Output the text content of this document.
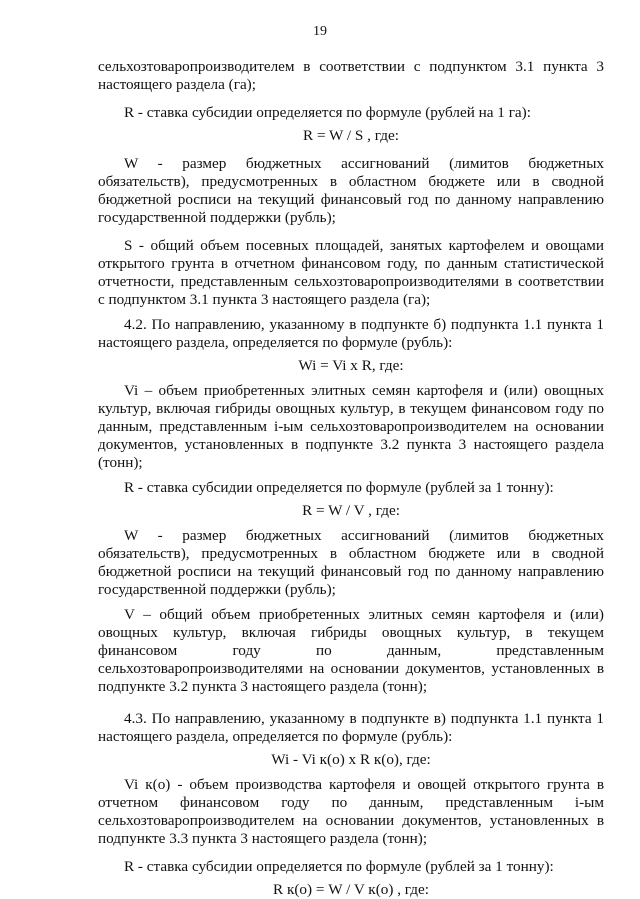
19

сельхозтоваропроизводителем в соответствии с подпунктом 3.1 пункта 3 настоящего раздела (га);

R - ставка субсидии определяется по формуле (рублей на 1 га):

R = W / S , где:

W - размер бюджетных ассигнований (лимитов бюджетных обязательств), предусмотренных в областном бюджете или в сводной бюджетной росписи на текущий финансовый год по данному направлению государственной поддержки (рубль);

S - общий объем посевных площадей, занятых картофелем и овощами открытого грунта в отчетном финансовом году, по данным статистической отчетности, представленным сельхозтоваропроизводителями в соответствии с подпунктом 3.1 пункта 3 настоящего раздела (га);

4.2. По направлению, указанному в подпункте б) подпункта 1.1 пункта 1 настоящего раздела, определяется по формуле (рубль):

Wi = Vi x R, где:

Vi – объем приобретенных элитных семян картофеля и (или) овощных культур, включая гибриды овощных культур, в текущем финансовом году по данным, представленным i-ым сельхозтоваропроизводителем на основании документов, установленных в подпункте 3.2 пункта 3 настоящего раздела (тонн);

R - ставка субсидии определяется по формуле (рублей за 1 тонну):

R = W / V , где:

W - размер бюджетных ассигнований (лимитов бюджетных обязательств), предусмотренных в областном бюджете или в сводной бюджетной росписи на текущий финансовый год по данному направлению государственной поддержки (рубль);

V – общий объем приобретенных элитных семян картофеля и (или) овощных культур, включая гибриды овощных культур, в текущем финансовом году по данным, представленным сельхозтоваропроизводителями на основании документов, установленных в подпункте 3.2 пункта 3 настоящего раздела (тонн);

4.3. По направлению, указанному в подпункте в) подпункта 1.1 пункта 1 настоящего раздела, определяется по формуле (рубль):

Wi - Vi к(о) x R к(о), где:

Vi к(о) - объем производства картофеля и овощей открытого грунта в отчетном финансовом году по данным, представленным i-ым сельхозтоваропроизводителем на основании документов, установленных в подпункте 3.3 пункта 3 настоящего раздела (тонн);

R - ставка субсидии определяется по формуле (рублей за 1 тонну):

R к(о) = W / V к(о) , где:
